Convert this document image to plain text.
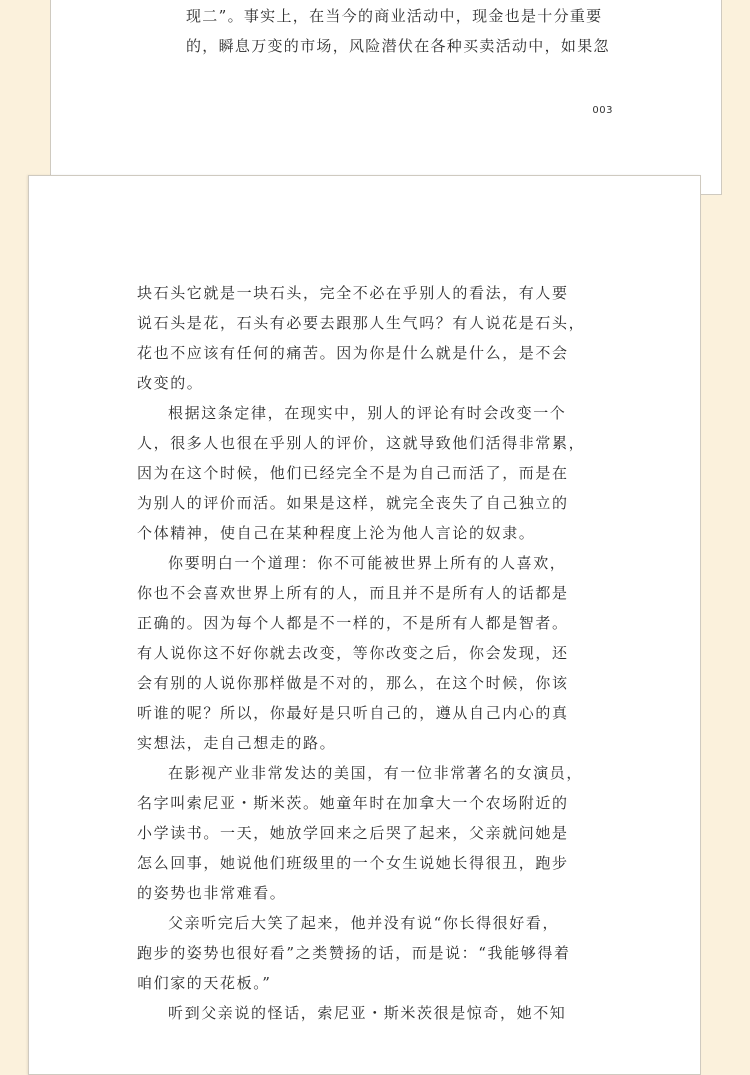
现二”。事实上，在当今的商业活动中，现金也是十分重要
的，瞬息万变的市场，风险潜伏在各种买卖活动中，如果忽
003
块石头它就是一块石头，完全不必在乎别人的看法，有人要
说石头是花，石头有必要去跟那人生气吗？有人说花是石头，
花也不应该有任何的痛苦。因为你是什么就是什么，是不会
改变的。
根据这条定律，在现实中，别人的评论有时会改变一个
人，很多人也很在乎别人的评价，这就导致他们活得非常累，
因为在这个时候，他们已经完全不是为自己而活了，而是在
为别人的评价而活。如果是这样，就完全丧失了自己独立的
个体精神，使自己在某种程度上沦为他人言论的奴隶。
你要明白一个道理：你不可能被世界上所有的人喜欢，
你也不会喜欢世界上所有的人，而且并不是所有人的话都是
正确的。因为每个人都是不一样的，不是所有人都是智者。
有人说你这不好你就去改变，等你改变之后，你会发现，还
会有别的人说你那样做是不对的，那么，在这个时候，你该
听谁的呢？所以，你最好是只听自己的，遵从自己内心的真
实想法，走自己想走的路。
在影视产业非常发达的美国，有一位非常著名的女演员，
名字叫索尼亚・斯米茨。她童年时在加拿大一个农场附近的
小学读书。一天，她放学回来之后哭了起来，父亲就问她是
怎么回事，她说他们班级里的一个女生说她长得很丑，跑步
的姿势也非常难看。
父亲听完后大笑了起来，他并没有说“你长得很好看，
跑步的姿势也很好看”之类赞扬的话，而是说：“我能够得着
咱们家的天花板。”
听到父亲说的怪话，索尼亚・斯米茨很是惊奇，她不知
